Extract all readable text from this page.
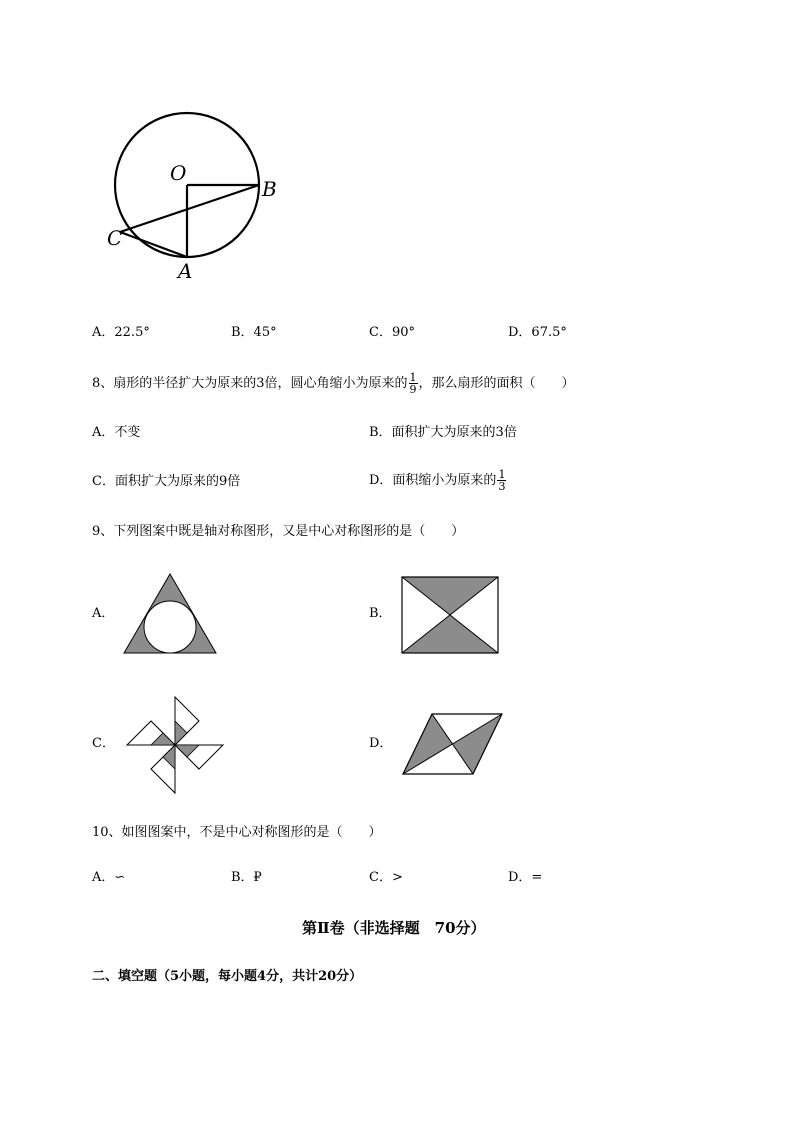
O
B
C
A
A．22.5°	B．45°	C．90°	D．67.5°
8、扇形的半径扩大为原来的3倍，圆心角缩小为原来的 $\frac{1}{9}$ ，那么扇形的面积（　　）
A．不变	B．面积扩大为原来的3倍
C．面积扩大为原来的9倍	D．面积缩小为原来的 $\frac{1}{3}$
9、下列图案中既是轴对称图形，又是中心对称图形的是（　　）
A．	B．
C．	D．
10、如图图案中，不是中心对称图形的是（　　）
A．∽	B．₽	C．>	D．=
第Ⅱ卷（非选择题　70分）
二、填空题（5小题，每小题4分，共计20分）
